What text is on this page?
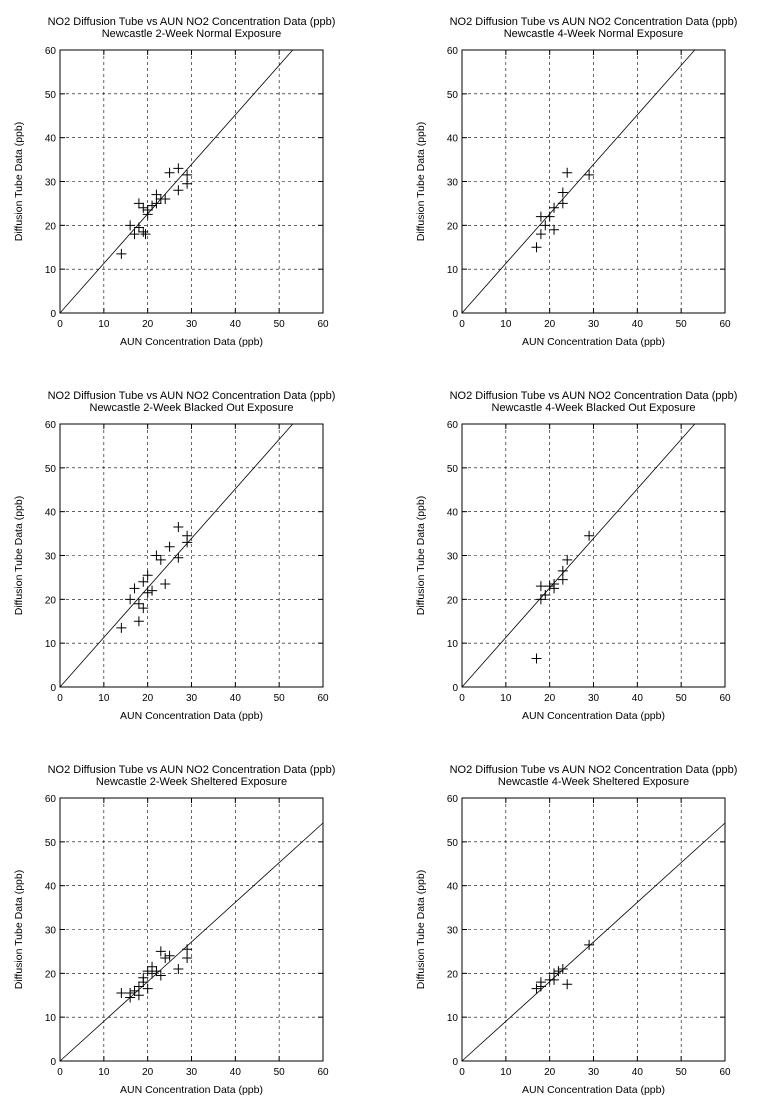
0	10	20	30	40	50	60
0
10
20
30
40
50
60
NO2 Diffusion Tube vs AUN NO2 Concentration Data (ppb)
Newcastle 2-Week Normal Exposure
AUN Concentration Data (ppb)
Diffusion Tube Data (ppb)
0	10	20	30	40	50	60
0
10
20
30
40
50
60
NO2 Diffusion Tube vs AUN NO2 Concentration Data (ppb)
Newcastle 4-Week Normal Exposure
AUN Concentration Data (ppb)
Diffusion Tube Data (ppb)
0	10	20	30	40	50	60
0
10
20
30
40
50
60
NO2 Diffusion Tube vs AUN NO2 Concentration Data (ppb)
Newcastle 2-Week Blacked Out Exposure
AUN Concentration Data (ppb)
Diffusion Tube Data (ppb)
0	10	20	30	40	50	60
0
10
20
30
40
50
60
NO2 Diffusion Tube vs AUN NO2 Concentration Data (ppb)
Newcastle 4-Week Blacked Out Exposure
AUN Concentration Data (ppb)
Diffusion Tube Data (ppb)
0	10	20	30	40	50	60
0
10
20
30
40
50
60
NO2 Diffusion Tube vs AUN NO2 Concentration Data (ppb)
Newcastle 2-Week Sheltered Exposure
AUN Concentration Data (ppb)
Diffusion Tube Data (ppb)
0	10	20	30	40	50	60
0
10
20
30
40
50
60
NO2 Diffusion Tube vs AUN NO2 Concentration Data (ppb)
Newcastle 4-Week Sheltered Exposure
AUN Concentration Data (ppb)
Diffusion Tube Data (ppb)
